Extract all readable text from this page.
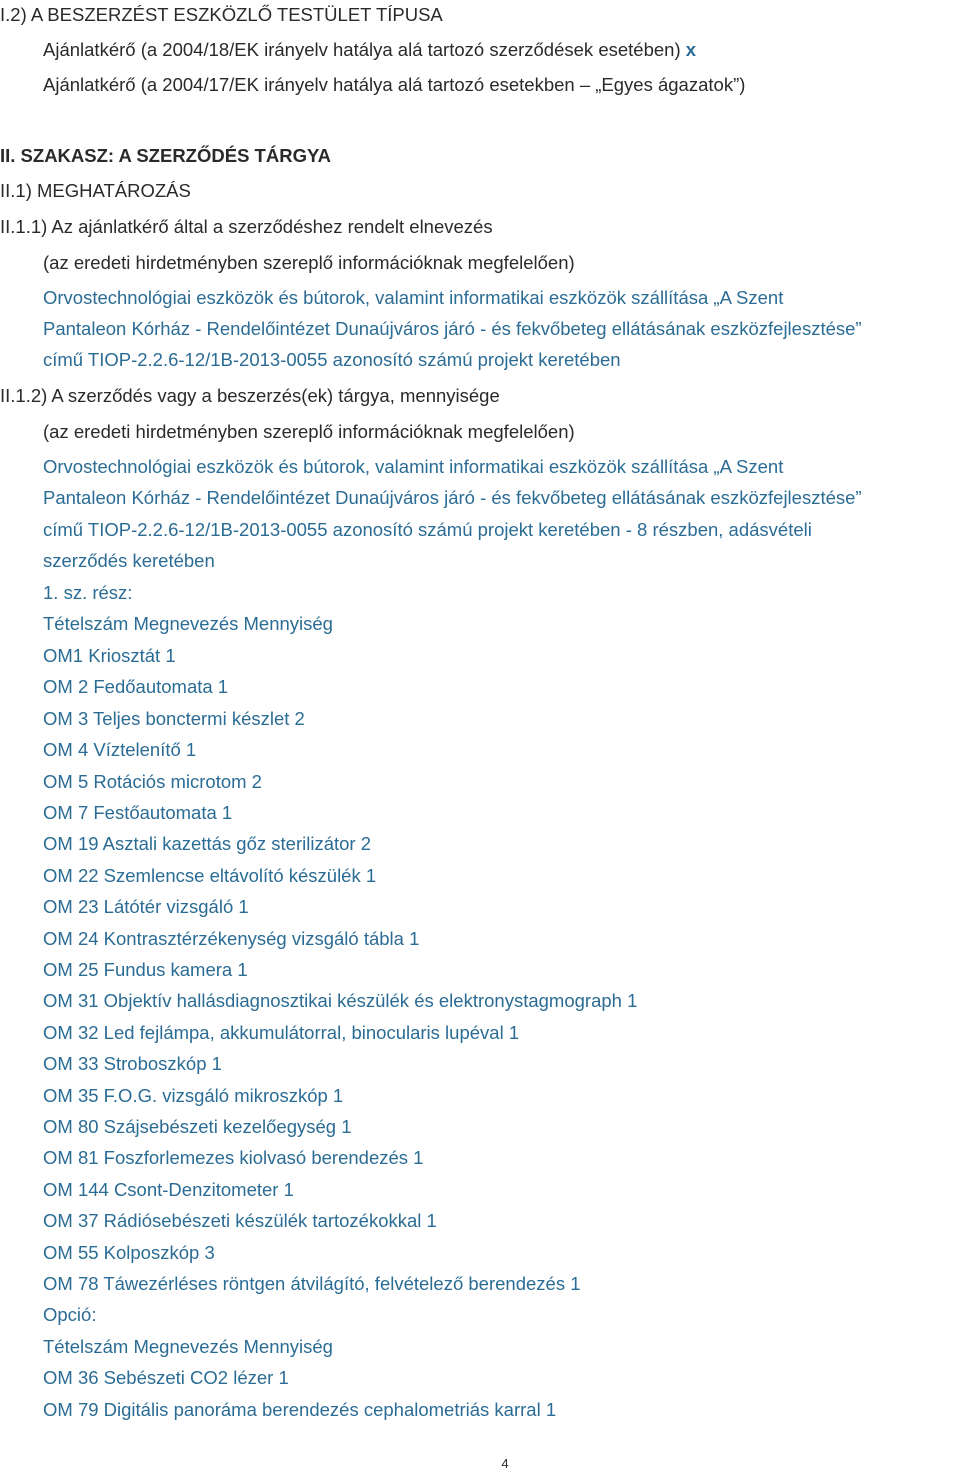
I.2) A BESZERZÉST ESZKÖZLŐ TESTÜLET TÍPUSA
Ajánlatkérő (a 2004/18/EK irányelv hatálya alá tartozó szerződések esetében) x
Ajánlatkérő (a 2004/17/EK irányelv hatálya alá tartozó esetekben – „Egyes ágazatok”)
II. SZAKASZ: A SZERZŐDÉS TÁRGYA
II.1) MEGHATÁROZÁS
II.1.1) Az ajánlatkérő által a szerződéshez rendelt elnevezés
(az eredeti hirdetményben szereplő információknak megfelelően)
Orvostechnológiai eszközök és bútorok, valamint informatikai eszközök szállítása „A Szent
Pantaleon Kórház - Rendelőintézet Dunaújváros járó - és fekvőbeteg ellátásának eszközfejlesztése”
című TIOP-2.2.6-12/1B-2013-0055 azonosító számú projekt keretében
II.1.2) A szerződés vagy a beszerzés(ek) tárgya, mennyisége
(az eredeti hirdetményben szereplő információknak megfelelően)
Orvostechnológiai eszközök és bútorok, valamint informatikai eszközök szállítása „A Szent
Pantaleon Kórház - Rendelőintézet Dunaújváros járó - és fekvőbeteg ellátásának eszközfejlesztése”
című TIOP-2.2.6-12/1B-2013-0055 azonosító számú projekt keretében - 8 részben, adásvételi
szerződés keretében
1. sz. rész:
Tételszám Megnevezés Mennyiség
OM1 Kriosztát 1
OM 2 Fedőautomata 1
OM 3 Teljes bonctermi készlet 2
OM 4 Víztelenítő 1
OM 5 Rotációs microtom 2
OM 7 Festőautomata 1
OM 19 Asztali kazettás gőz sterilizátor 2
OM 22 Szemlencse eltávolító készülék 1
OM 23 Látótér vizsgáló 1
OM 24 Kontrasztérzékenység vizsgáló tábla 1
OM 25 Fundus kamera 1
OM 31 Objektív hallásdiagnosztikai készülék és elektronystagmograph 1
OM 32 Led fejlámpa, akkumulátorral, binocularis lupéval 1
OM 33 Stroboszkóp 1
OM 35 F.O.G. vizsgáló mikroszkóp 1
OM 80 Szájsebészeti kezelőegység 1
OM 81 Foszforlemezes kiolvasó berendezés 1
OM 144 Csont-Denzitometer 1
OM 37 Rádiósebészeti készülék tartozékokkal 1
OM 55 Kolposzkóp 3
OM 78 Táwezérléses röntgen átvilágító, felvételező berendezés 1
Opció:
Tételszám Megnevezés Mennyiség
OM 36 Sebészeti CO2 lézer 1
OM 79 Digitális panoráma berendezés cephalometriás karral 1
4
